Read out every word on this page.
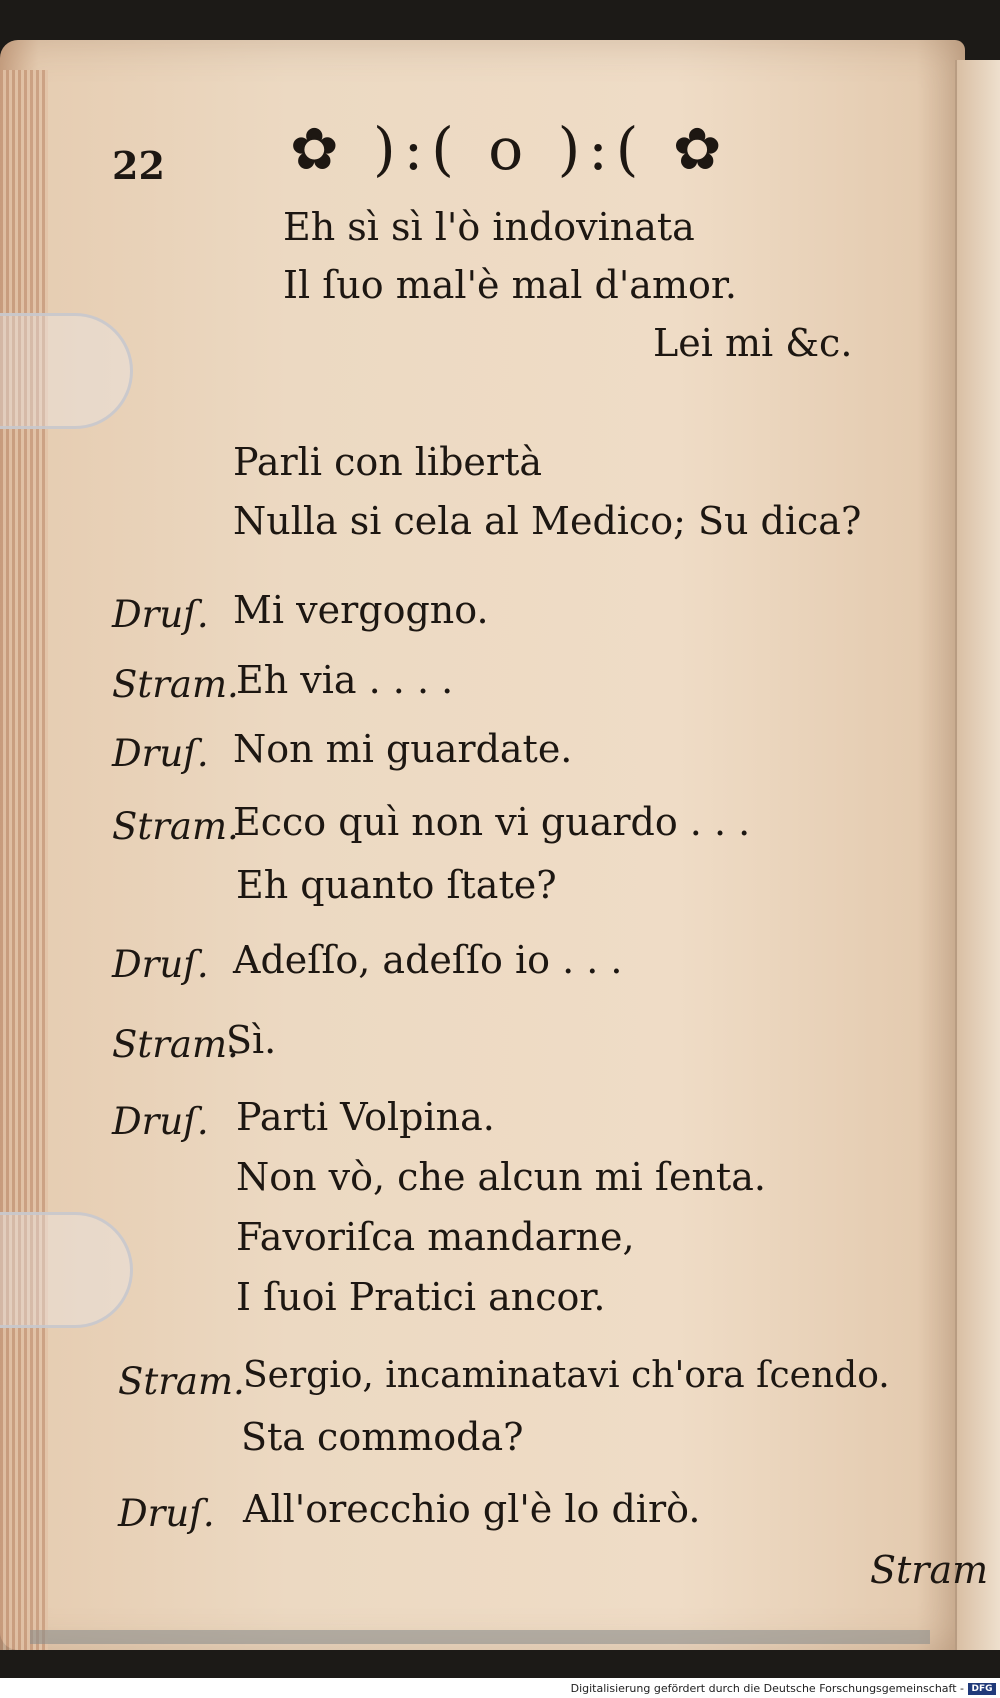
22 ✿ ):( o ):( ✿
Eh sì sì l'ò indovinata
Il ſuo mal'è mal d'amor.
Lei mi &c.
Parli con libertà
Nulla si cela al Medico; Su dica?
Druſ. Mi vergogno.
Stram.
Eh via . . . .
Druſ. Non mi guardate.
Stram.
Ecco quì non vi guardo . . .
Eh quanto ſtate?
Druſ. Adeſſo, adeſſo io . . .
Stram.
Sì.
Druſ. Parti Volpina.
Non vò, che alcun mi ſenta.
Favoriſca mandarne,
I ſuoi Pratici ancor.
Stram.
Sergio, incaminatavi ch'ora ſcendo.
Sta commoda?
Druſ. All'orecchio gl'è lo dirò.
Stram
Digitalisierung gefördert durch die Deutsche Forschungsgemeinschaft - DFG
